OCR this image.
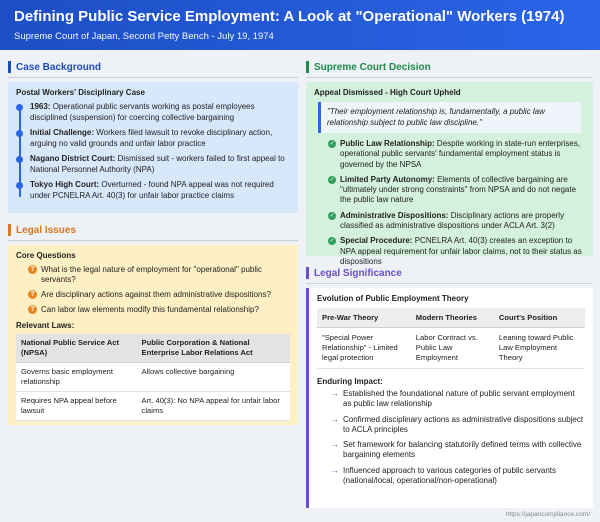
Defining Public Service Employment: A Look at "Operational" Workers (1974)
Supreme Court of Japan, Second Petty Bench - July 19, 1974
Case Background
Postal Workers' Disciplinary Case
1963: Operational public servants working as postal employees disciplined (suspension) for coercing collective bargaining
Initial Challenge: Workers filed lawsuit to revoke disciplinary action, arguing no valid grounds and unfair labor practice
Nagano District Court: Dismissed suit - workers failed to first appeal to National Personnel Authority (NPA)
Tokyo High Court: Overturned - found NPA appeal was not required under PCNELRA Art. 40(3) for unfair labor practice claims
Legal Issues
Core Questions
? What is the legal nature of employment for "operational" public servants?
? Are disciplinary actions against them administrative dispositions?
? Can labor law elements modify this fundamental relationship?
Relevant Laws:
National Public Service Act (NPSA)	Public Corporation & National Enterprise Labor Relations Act
Governs basic employment relationship	Allows collective bargaining
Requires NPA appeal before lawsuit	Art. 40(3): No NPA appeal for unfair labor claims
Supreme Court Decision
Appeal Dismissed - High Court Upheld
"Their employment relationship is, fundamentally, a public law relationship subject to public law discipline."
✓ Public Law Relationship: Despite working in state-run enterprises, operational public servants' fundamental employment status is governed by the NPSA
✓ Limited Party Autonomy: Elements of collective bargaining are "ultimately under strong constraints" from NPSA and do not negate the public law nature
✓ Administrative Dispositions: Disciplinary actions are properly classified as administrative dispositions under ACLA Art. 3(2)
✓ Special Procedure: PCNELRA Art. 40(3) creates an exception to NPA appeal requirement for unfair labor claims, not to their status as dispositions
Legal Significance
Evolution of Public Employment Theory
Pre-War Theory	Modern Theories	Court's Position
"Special Power Relationship" - Limited legal protection	Labor Contract vs. Public Law Employment	Leaning toward Public Law Employment Theory
Enduring Impact:
→ Established the foundational nature of public servant employment as public law relationship
→ Confirmed disciplinary actions as administrative dispositions subject to ACLA principles
→ Set framework for balancing statutorily defined terms with collective bargaining elements
→ Influenced approach to various categories of public servants (national/local, operational/non-operational)
https://japancompliance.com/
